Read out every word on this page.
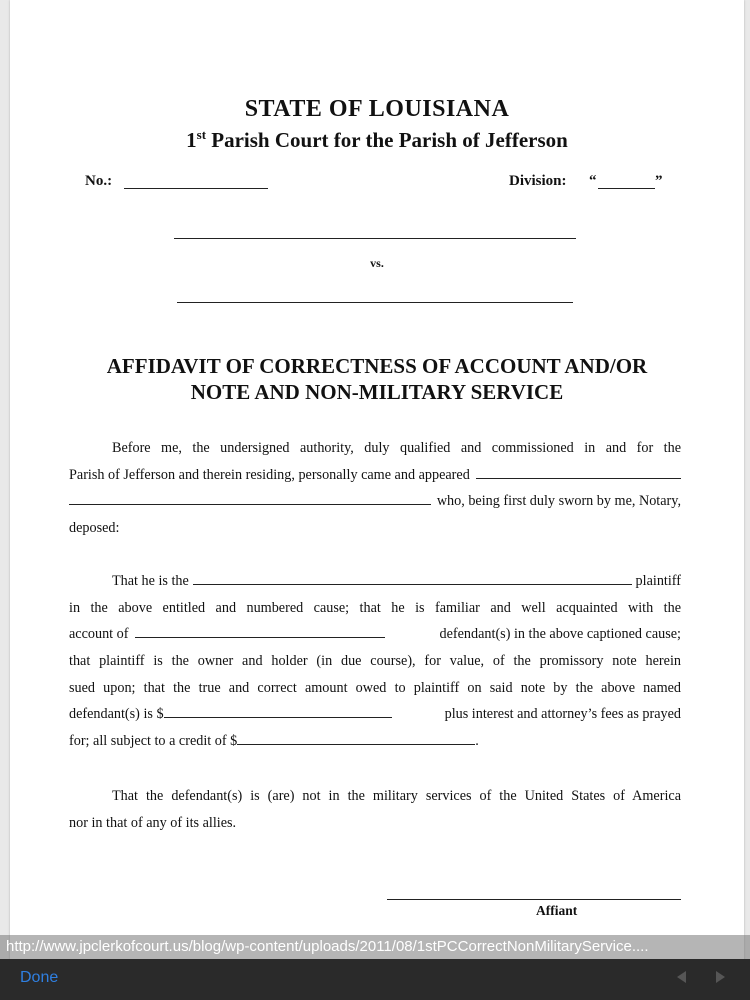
STATE OF LOUISIANA
1st Parish Court for the Parish of Jefferson
No.:	Division: “	”
vs.
AFFIDAVIT OF CORRECTNESS OF ACCOUNT AND/OR
NOTE AND NON-MILITARY SERVICE
Before me, the undersigned authority, duly qualified and commissioned in and for the
Parish of Jefferson and therein residing, personally came and appeared
who, being first duly sworn by me, Notary,
deposed:
That he is the	plaintiff
in the above entitled and numbered cause; that he is familiar and well acquainted with the
account of	defendant(s) in the above captioned cause;
that plaintiff is the owner and holder (in due course), for value, of the promissory note herein
sued upon; that the true and correct amount owed to plaintiff on said note by the above named
defendant(s) is $	plus interest and attorney’s fees as prayed
for; all subject to a credit of $	.
That the defendant(s) is (are) not in the military services of the United States of America
nor in that of any of its allies.
Affiant
http://www.jpclerkofcourt.us/blog/wp-content/uploads/2011/08/1stPCCorrectNonMilitaryService....
Done
